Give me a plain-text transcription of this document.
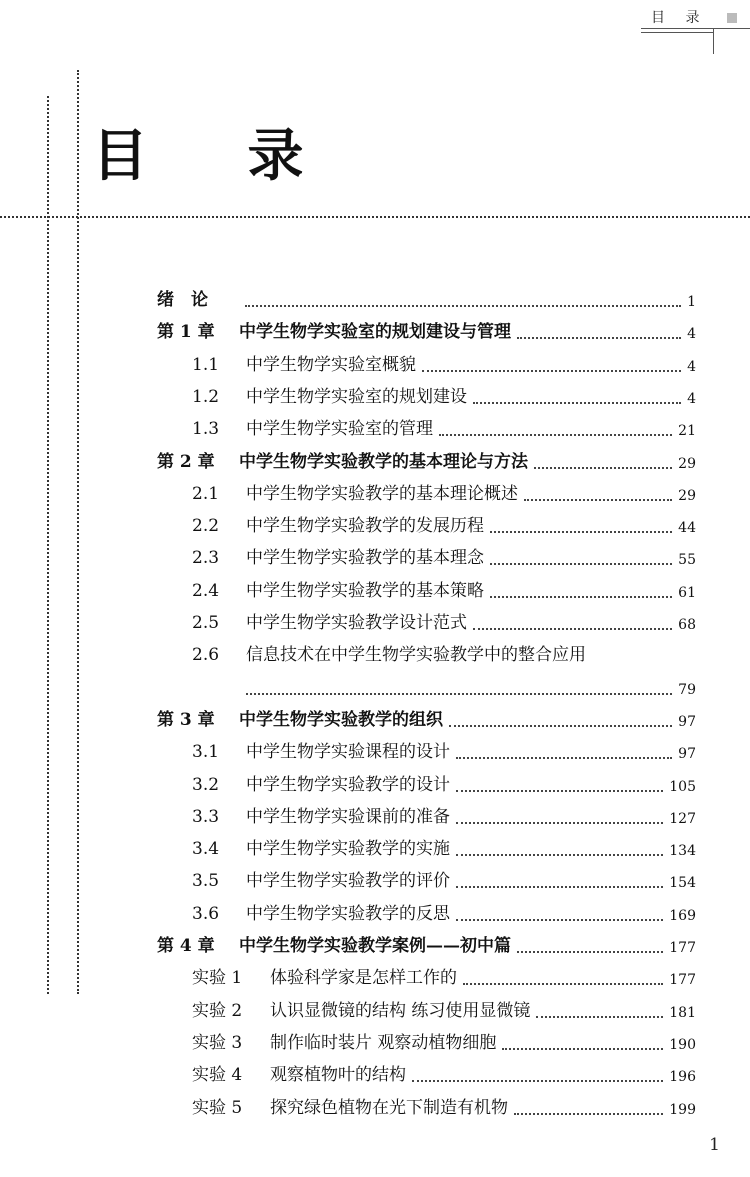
目 录
目 录
绪　论	1
第 1 章 中学生物学实验室的规划建设与管理	4
1.1 中学生物学实验室概貌	4
1.2 中学生物学实验室的规划建设	4
1.3 中学生物学实验室的管理	21
第 2 章 中学生物学实验教学的基本理论与方法	29
2.1 中学生物学实验教学的基本理论概述	29
2.2 中学生物学实验教学的发展历程	44
2.3 中学生物学实验教学的基本理念	55
2.4 中学生物学实验教学的基本策略	61
2.5 中学生物学实验教学设计范式	68
2.6 信息技术在中学生物学实验教学中的整合应用
79
第 3 章 中学生物学实验教学的组织	97
3.1 中学生物学实验课程的设计	97
3.2 中学生物学实验教学的设计	105
3.3 中学生物学实验课前的准备	127
3.4 中学生物学实验教学的实施	134
3.5 中学生物学实验教学的评价	154
3.6 中学生物学实验教学的反思	169
第 4 章 中学生物学实验教学案例——初中篇	177
实验 1 体验科学家是怎样工作的	177
实验 2 认识显微镜的结构 练习使用显微镜	181
实验 3 制作临时装片 观察动植物细胞	190
实验 4 观察植物叶的结构	196
实验 5 探究绿色植物在光下制造有机物	199
1
